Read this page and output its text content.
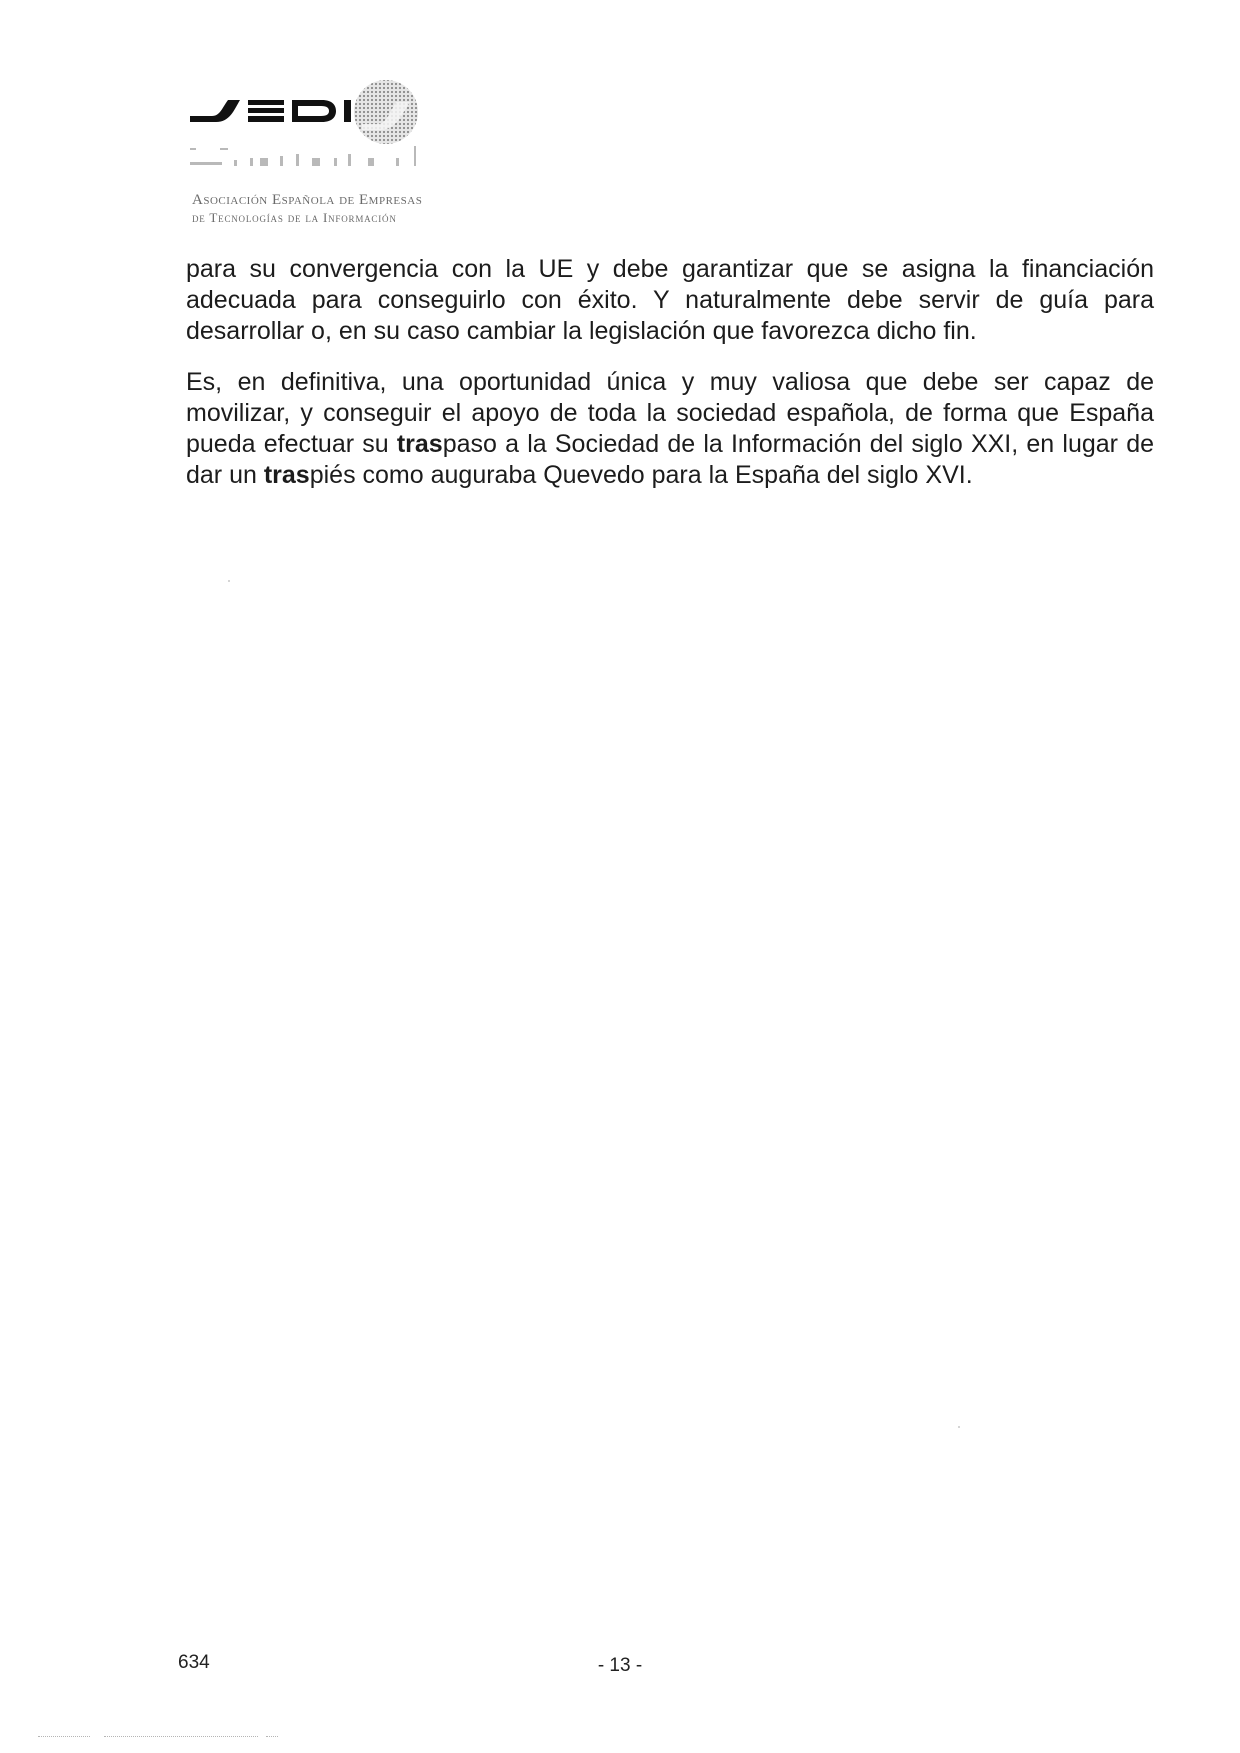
Asociación Española de Empresas
de Tecnologías de la Información

para su convergencia con la UE y debe garantizar que se asigna la financiación adecuada para conseguirlo con éxito. Y naturalmente debe servir de guía para desarrollar o, en su caso cambiar la legislación que favorezca dicho fin.

Es, en definitiva, una oportunidad única y muy valiosa que debe ser capaz de movilizar, y conseguir el apoyo de toda la sociedad española, de forma que España pueda efectuar su traspaso a la Sociedad de la Información del siglo XXI, en lugar de dar un traspiés como auguraba Quevedo para la España del siglo XVI.

634	- 13 -
